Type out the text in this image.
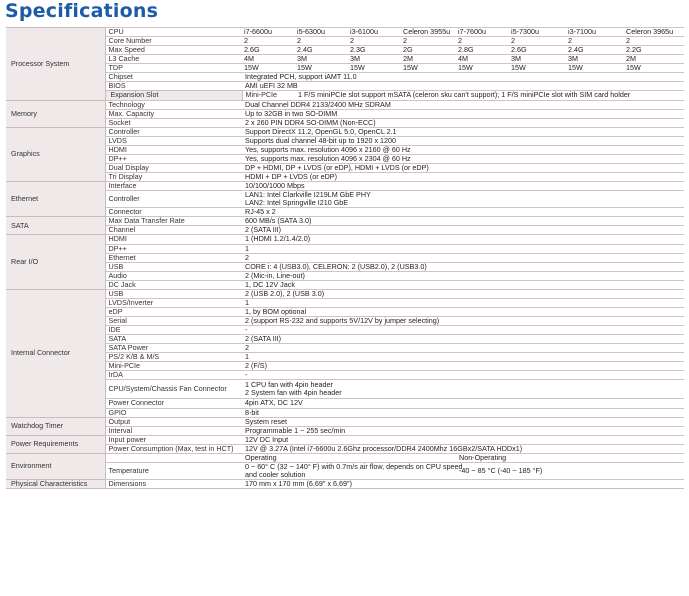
Specifications
Processor System	CPU	i7-6600u	i5-6300u	i3-6100u	Celeron 3955u	i7-7600u	i5-7300u	i3-7100u	Celeron 3965u
	Core Number	2	2	2	2	2	2	2	2
	Max Speed	2.6G	2.4G	2.3G	2G	2.8G	2.6G	2.4G	2.2G
	L3 Cache	4M	3M	3M	2M	4M	3M	3M	2M
	TDP	15W	15W	15W	15W	15W	15W	15W	15W
	Chipset	Integrated PCH, support iAMT 11.0							
	BIOS	AMI uEFI 32 MB							
	Expansion Slot	Mini-PCIe	1 F/S miniPCIe slot support mSATA (celeron sku can't support); 1 F/S miniPCIe slot with SIM card holder						
Memory	Technology	Dual Channel DDR4 2133/2400 MHz SDRAM							
	Max. Capacity	Up to 32GB in two SO-DIMM							
	Socket	2 x 260 PIN DDR4 SO-DIMM (Non-ECC)							
Graphics	Controller	Support DirectX 11.2, OpenGL 5.0, OpenCL 2.1							
	LVDS	Supports dual channel 48-bit up to 1920 x 1200							
	HDMI	Yes, supports max. resolution 4096 x 2160 @ 60 Hz							
	DP++	Yes, supports max. resolution 4096 x 2304 @ 60 Hz							
	Dual Display	DP + HDMI, DP + LVDS (or eDP), HDMI + LVDS (or eDP)							
	Tri Display	HDMI + DP + LVDS (or eDP)							
Ethernet	Interface	10/100/1000 Mbps							
	Controller	LAN1: Intel Clarkville I219LM GbE PHY
LAN2: Intel Springville I210 GbE							

	Connector	RJ-45 x 2							
SATA	Max Data Transfer Rate	600 MB/s (SATA 3.0)							
	Channel	2 (SATA III)							
Rear I/O	HDMI	1 (HDMI 1.2/1.4/2.0)							
	DP++	1							
	Ethernet	2							
	USB	CORE i: 4 (USB3.0), CELERON: 2 (USB2.0), 2 (USB3.0)							
	Audio	2 (Mic-in, Line-out)							
	DC Jack	1, DC 12V Jack							
Internal Connector	USB	2 (USB 2.0), 2 (USB 3.0)							
	LVDS/Inverter	1							
	eDP	1, by BOM optional							
	Serial	2 (support RS-232 and supports 5V/12V by jumper selecting)							
	IDE	-							
	SATA	2 (SATA III)							
	SATA Power	2							
	PS/2 K/B & M/S	1							
	Mini-PCIe	2 (F/S)							
	IrDA	-							
	CPU/System/Chassis Fan Connector	1 CPU fan with 4pin header
2 System fan with 4pin header							

	Power Connector	4pin ATX, DC 12V							
	GPIO	8-bit							
Watchdog Timer	Output	System reset							
	Interval	Programmable 1 ~ 255 sec/min							
Power Requirements	Input power	12V DC Input							
	Power Consumption (Max, test in HCT)	12V @ 3.27A (Intel i7-6600u 2.6Ghz processor/DDR4 2400Mhz 16GBx2/SATA HDDx1)							
Environment		Operating				Non-Operating			
	Temperature	0 ~ 60° C (32 ~ 140° F) with 0.7m/s air flow, depends on CPU speed
and cooler solution				-40 ~ 85 °C (-40 ~ 185 °F)			
Physical Characteristics	Dimensions	170 mm x 170 mm (6.69" x 6.69")							
